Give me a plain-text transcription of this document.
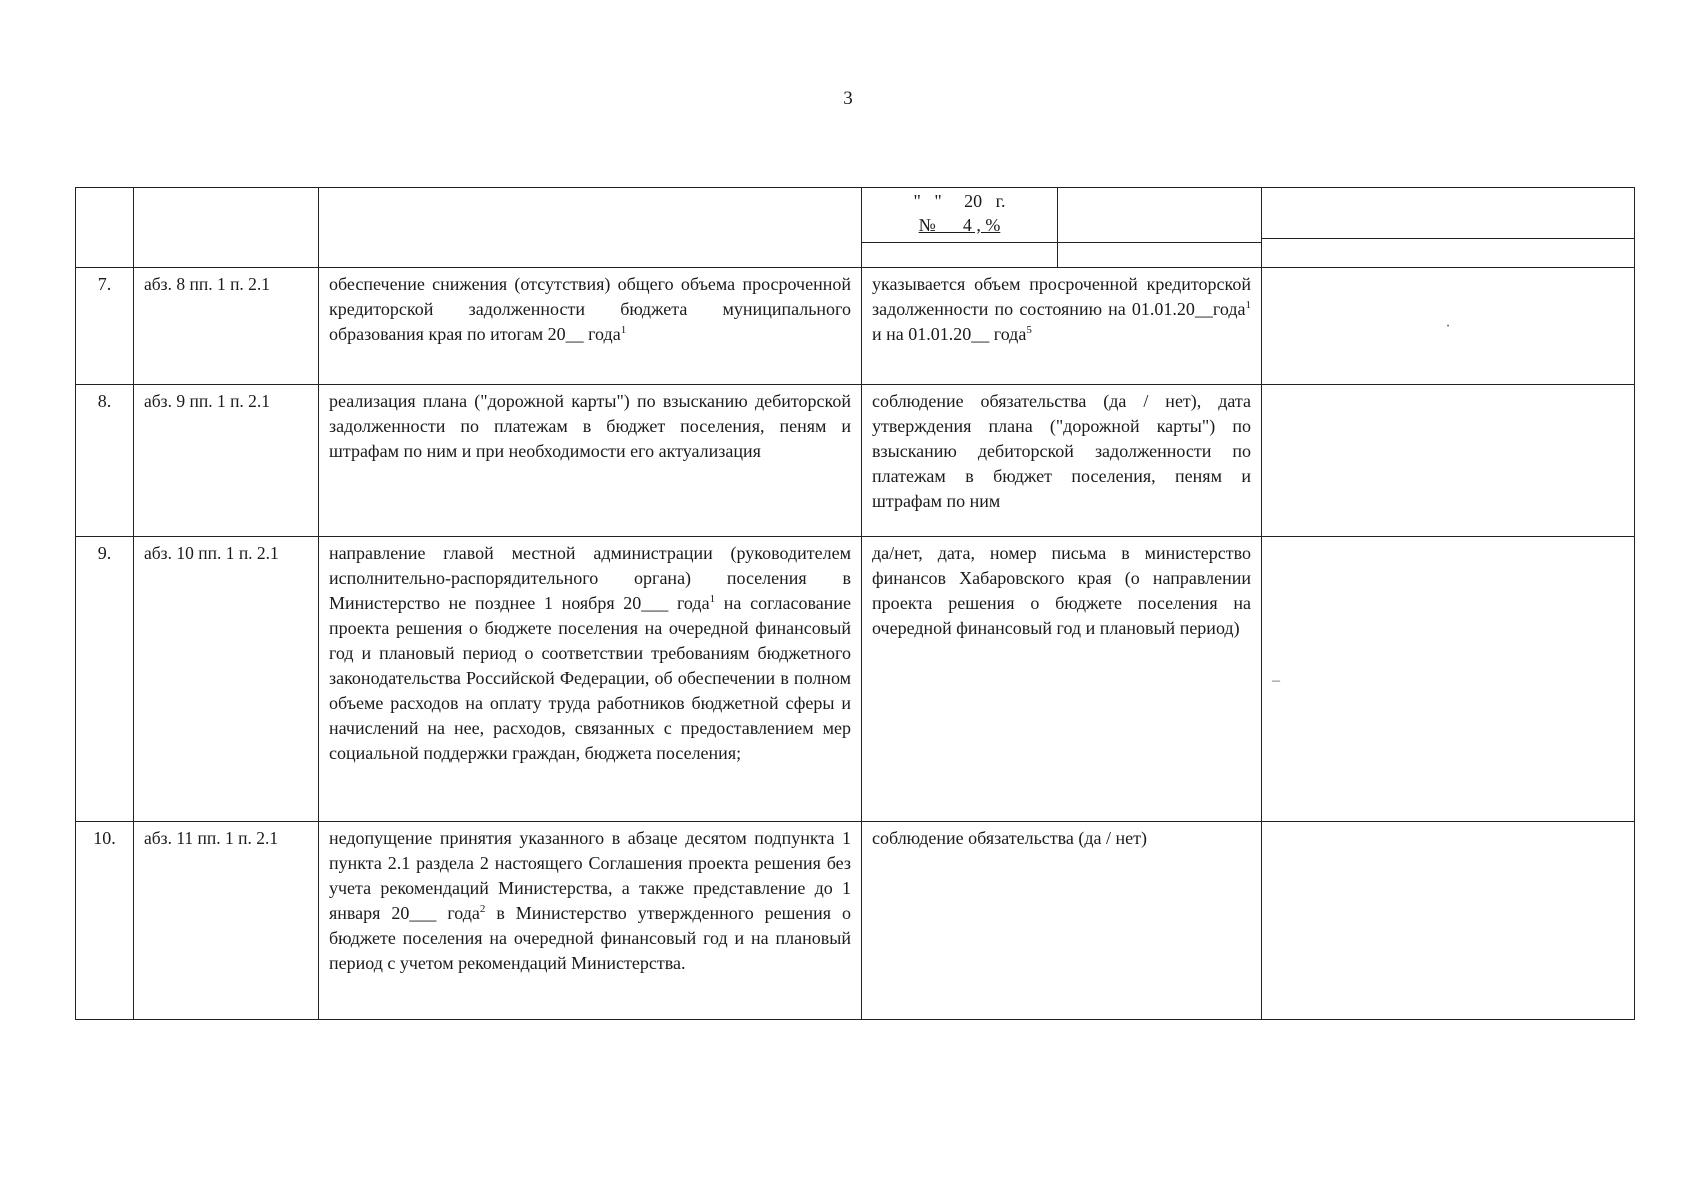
3

			"   "     20   г.
№      4 , %	

7.	абз. 8 пп. 1 п. 2.1	обеспечение снижения (отсутствия) общего объема просроченной кредиторской задолженности бюджета муниципального образования края по итогам 20__ года$^1$	указывается объем просроченной кредиторской задолженности по состоянию на 01.01.20__года$^1$ и на 01.01.20__ года$^5$	·
8.	абз. 9 пп. 1 п. 2.1	реализация плана ("дорожной карты") по взысканию дебиторской задолженности по платежам в бюджет поселения, пеням и штрафам по ним и при необходимости его актуализация	соблюдение обязательства (да / нет), дата утверждения плана ("дорожной карты") по взысканию дебиторской задолженности по платежам в бюджет поселения, пеням и штрафам по ним	
9.	абз. 10 пп. 1 п. 2.1	направление главой местной администрации (руководителем исполнительно-распорядительного органа) поселения в Министерство не позднее 1 ноября 20___ года$^1$ на согласование проекта решения о бюджете поселения на очередной финансовый год и плановый период о соответствии требованиям бюджетного законодательства Российской Федерации, об обеспечении в полном объеме расходов на оплату труда работников бюджетной сферы и начислений на нее, расходов, связанных с предоставлением мер социальной поддержки граждан, бюджета поселения;	да/нет, дата, номер письма в министерство финансов Хабаровского края (о направлении проекта решения о бюджете поселения на очередной финансовый год и плановый период)	–
10.	абз. 11 пп. 1 п. 2.1	недопущение принятия указанного в абзаце десятом подпункта 1 пункта 2.1 раздела 2 настоящего Соглашения проекта решения без учета рекомендаций Министерства, а также представление до 1 января 20___ года$^2$ в Министерство утвержденного решения о бюджете поселения на очередной финансовый год и на плановый период с учетом рекомендаций Министерства.	соблюдение обязательства (да / нет)	
